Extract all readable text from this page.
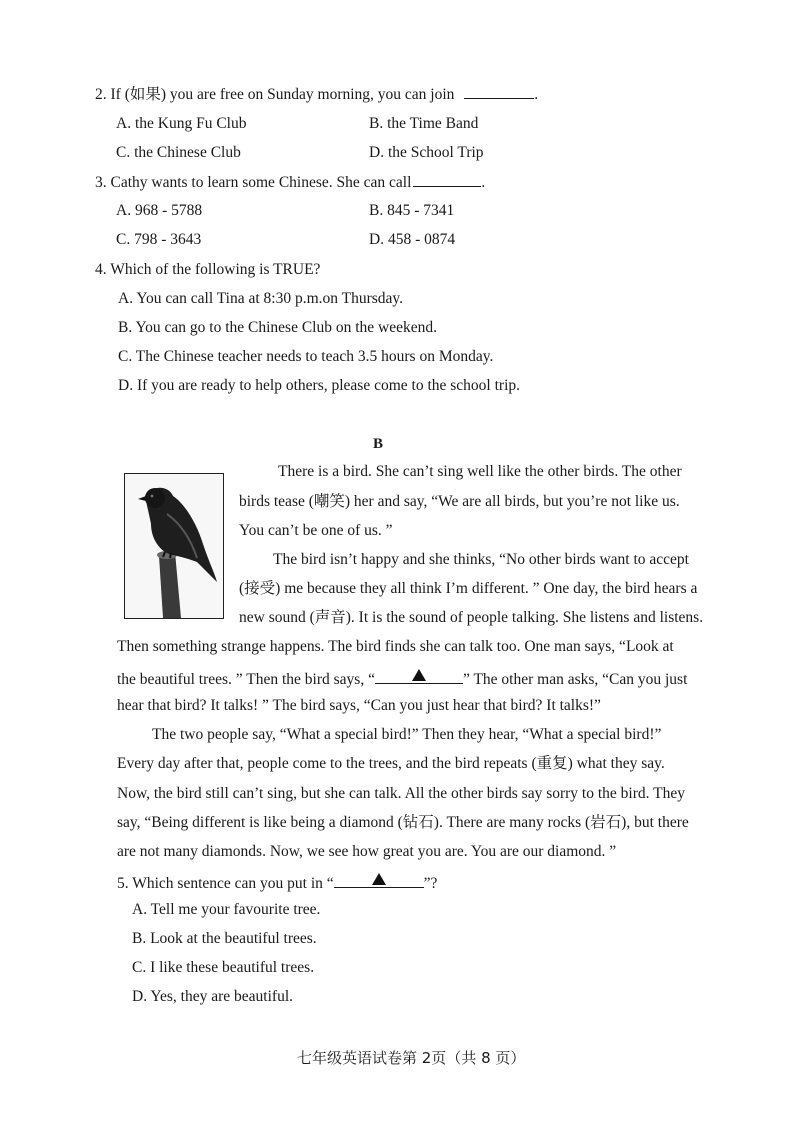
2. If (如果) you are free on Sunday morning, you can join	.
A. the Kung Fu Club	B. the Time Band
C. the Chinese Club	D. the School Trip
3. Cathy wants to learn some Chinese. She can call	.
A. 968 - 5788	B. 845 - 7341
C. 798 - 3643	D. 458 - 0874
4. Which of the following is TRUE?
A. You can call Tina at 8:30 p.m.on Thursday.
B. You can go to the Chinese Club on the weekend.
C. The Chinese teacher needs to teach 3.5 hours on Monday.
D. If you are ready to help others, please come to the school trip.
B
There is a bird. She can’t sing well like the other birds. The other
birds tease (嘲笑) her and say, “We are all birds, but you’re not like us.
You can’t be one of us. ”
The bird isn’t happy and she thinks, “No other birds want to accept
(接受) me because they all think I’m different. ” One day, the bird hears a
new sound (声音). It is the sound of people talking. She listens and listens.
Then something strange happens. The bird finds she can talk too. One man says, “Look at
the beautiful trees. ” Then the bird says, “	” The other man asks, “Can you just
hear that bird? It talks! ” The bird says, “Can you just hear that bird? It talks!”
The two people say, “What a special bird!” Then they hear, “What a special bird!”
Every day after that, people come to the trees, and the bird repeats (重复) what they say.
Now, the bird still can’t sing, but she can talk. All the other birds say sorry to the bird. They
say, “Being different is like being a diamond (钻石). There are many rocks (岩石), but there
are not many diamonds. Now, we see how great you are. You are our diamond. ”
5. Which sentence can you put in “	”?
A. Tell me your favourite tree.
B. Look at the beautiful trees.
C. I like these beautiful trees.
D. Yes, they are beautiful.
七年级英语试卷第 2页（共 8 页）
